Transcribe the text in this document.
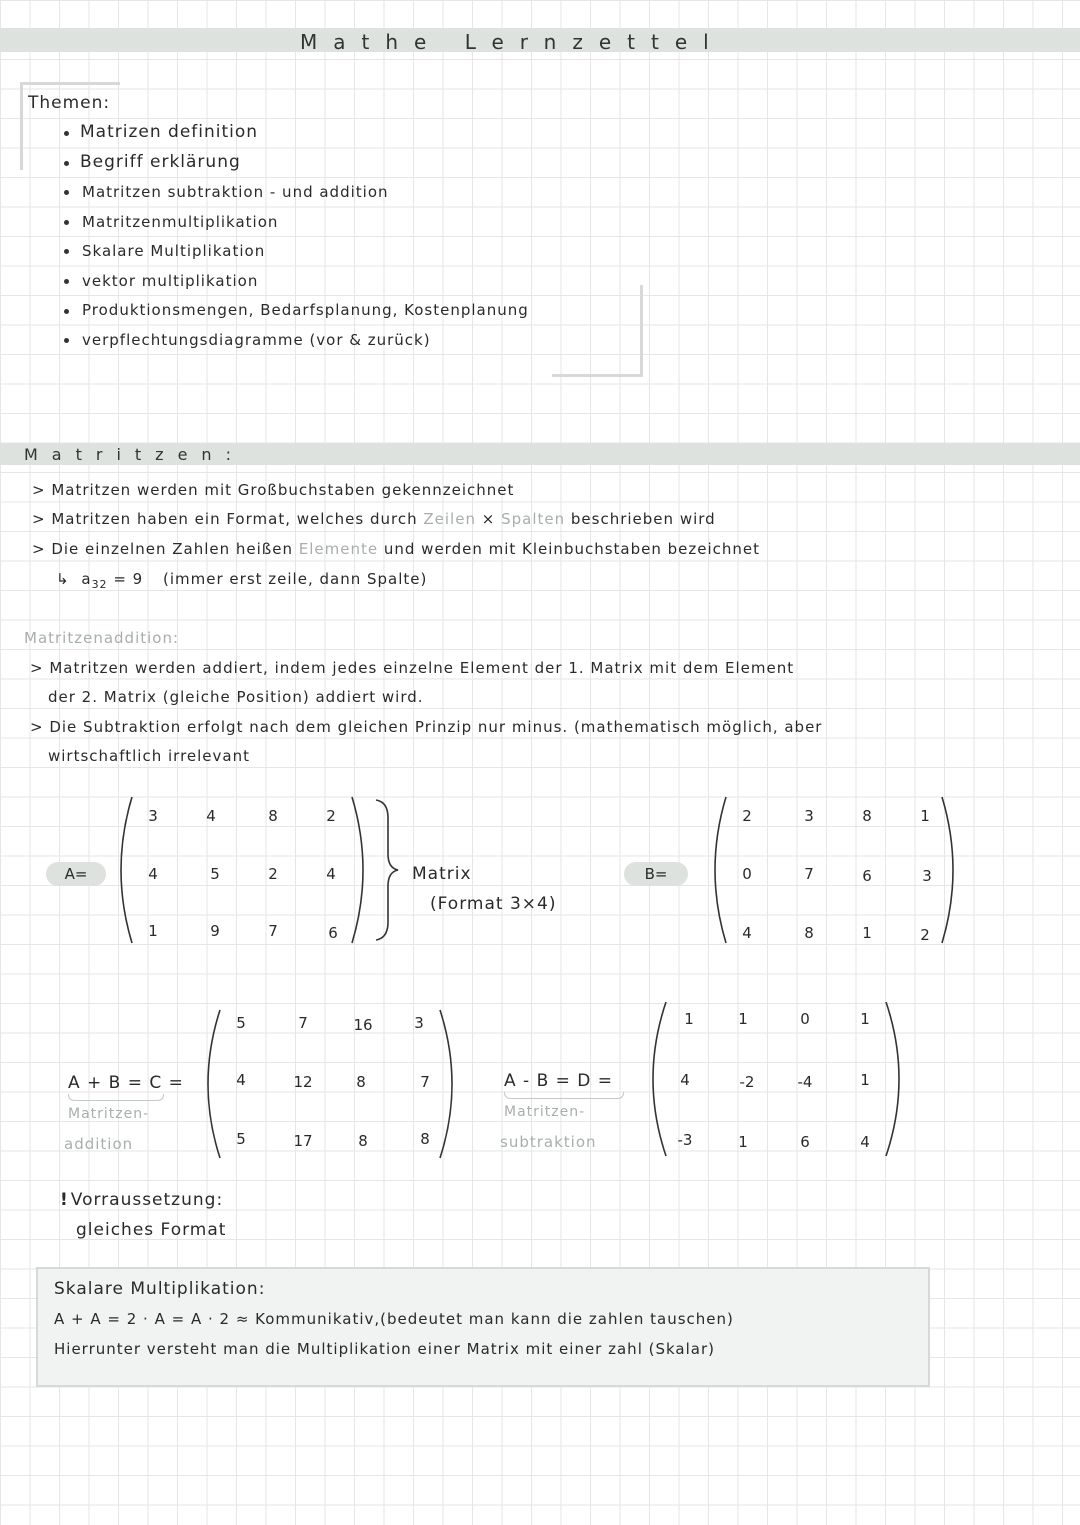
Mathe Lernzettel
Themen:
Matrizen definition
Begriff erklärung
Matritzen subtraktion - und addition
Matritzenmultiplikation
Skalare Multiplikation
vektor multiplikation
Produktionsmengen, Bedarfsplanung, Kostenplanung
verpflechtungsdiagramme (vor & zurück)
Matritzen:
> Matritzen werden mit Großbuchstaben gekennzeichnet
> Matritzen haben ein Format, welches durch Zeilen × Spalten beschrieben wird
> Die einzelnen Zahlen heißen Elemente und werden mit Kleinbuchstaben bezeichnet
↳ $a_{32} = 9$ (immer erst zeile, dann Spalte)
Matritzenaddition:
> Matritzen werden addiert, indem jedes einzelne Element der 1. Matrix mit dem Element
der 2. Matrix (gleiche Position) addiert wird.
> Die Subtraktion erfolgt nach dem gleichen Prinzip nur minus. (mathematisch möglich, aber
wirtschaftlich irrelevant
A=
3	4	8	2
4	5	2	4
1	9	7	6
Matrix
(Format 3×4)
B=
2	3	8	1
0	7	6	3
4	8	1	2
A + B = C =
Matritzen-
addition
5	7	16	3
4	12	8	7
5	17	8	8
A - B = D =
Matritzen-
subtraktion
1	1	0	1
4	-2	-4	1
-3	1	6	4
! Vorraussetzung:
gleiches Format
Skalare Multiplikation:
A + A = 2 · A = A · 2 ≈ Kommunikativ,(bedeutet man kann die zahlen tauschen)
Hierrunter versteht man die Multiplikation einer Matrix mit einer zahl (Skalar)
